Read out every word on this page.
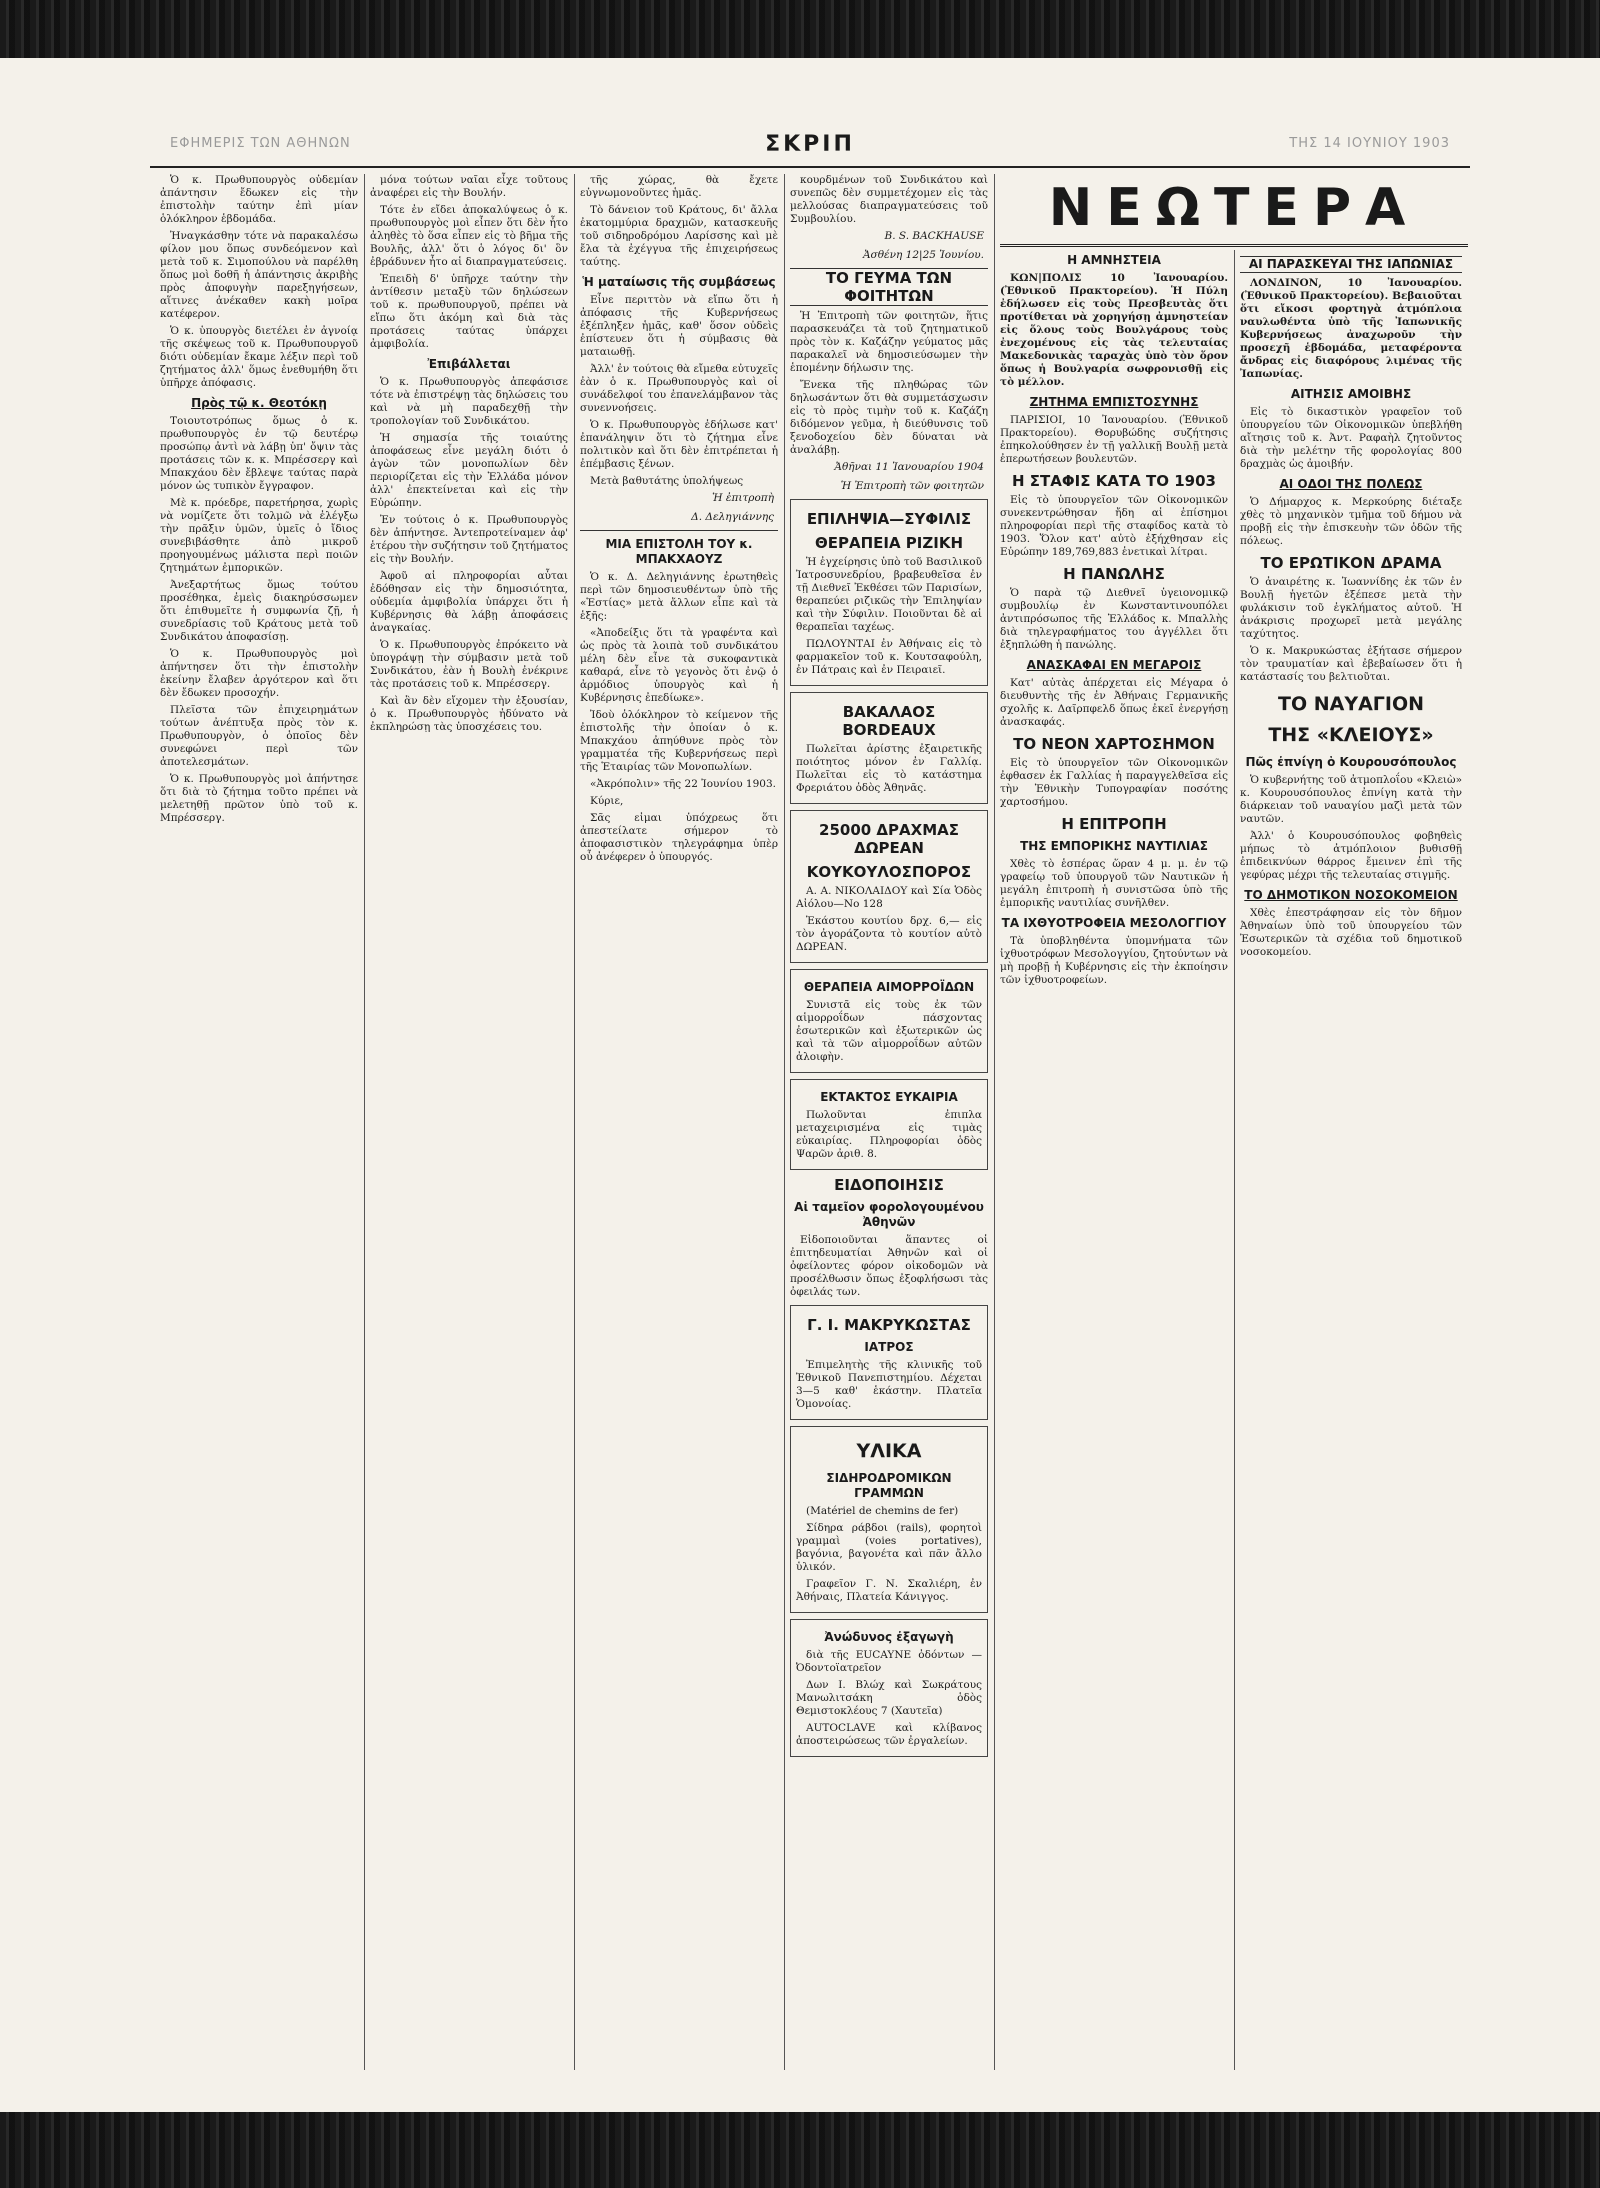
ΕΦΗΜΕΡΙΣ ΤΩΝ ΑΘΗΝΩΝ	ΣΚΡΙΠ	ΤΗΣ 14 ΙΟΥΝΙΟΥ 1903

Ὁ κ. Πρωθυπουργὸς οὐδεμίαν ἀπάντησιν ἔδωκεν εἰς τὴν ἐπιστολὴν ταύτην ἐπὶ μίαν ὁλόκληρον ἑβδομάδα.

Ἠναγκάσθην τότε νὰ παρακαλέσω φίλον μου ὅπως συνδεόμενον καὶ μετὰ τοῦ κ. Σιμοπούλου νὰ παρέλθη ὅπως μοὶ δοθῆ ἡ ἀπάντησις ἀκριβὴς πρὸς ἀποφυγὴν παρεξηγήσεων, αἵτινες ἀνέκαθεν κακὴ μοῖρα κατέφερον.

Ὁ κ. ὑπουργὸς διετέλει ἐν ἀγνοίᾳ τῆς σκέψεως τοῦ κ. Πρωθυπουργοῦ διότι οὐδεμίαν ἔκαμε λέξιν περὶ τοῦ ζητήματος ἀλλ' ὅμως ἐνεθυμήθη ὅτι ὑπῆρχε ἀπόφασις.

Πρὸς τῷ κ. Θεοτόκῃ

Τοιουτοτρόπως ὅμως ὁ κ. πρωθυπουργὸς ἐν τῷ δευτέρῳ προσώπῳ ἀντὶ νὰ λάβῃ ὑπ' ὄψιν τὰς προτάσεις τῶν κ. κ. Μπρέσσεργ καὶ Μπακχάου δὲν ἔβλεψε ταύτας παρὰ μόνον ὡς τυπικὸν ἔγγραφον.

Μὲ κ. πρόεδρε, παρετήρησα, χωρὶς νὰ νομίζετε ὅτι τολμῶ νὰ ἐλέγξω τὴν πρᾶξιν ὑμῶν, ὑμεῖς ὁ ἴδιος συνεβιβάσθητε ἀπὸ μικροῦ προηγουμένως μάλιστα περὶ ποιῶν ζητημάτων ἐμπορικῶν.

Ἀνεξαρτήτως ὅμως τούτου προσέθηκα, ἐμεὶς διακηρύσσωμεν ὅτι ἐπιθυμεῖτε ἡ συμφωνία ζῇ, ἡ συνεδρίασις τοῦ Κράτους μετὰ τοῦ Συνδικάτου ἀποφασίσῃ.

Ὁ κ. Πρωθυπουργὸς μοὶ ἀπήντησεν ὅτι τὴν ἐπιστολὴν ἐκείνην ἔλαβεν ἀργότερον καὶ ὅτι δὲν ἔδωκεν προσοχήν.

Πλεῖστα τῶν ἐπιχειρημάτων τούτων ἀνέπτυξα πρὸς τὸν κ. Πρωθυπουργὸν, ὁ ὁποῖος δὲν συνεφώνει περὶ τῶν ἀποτελεσμάτων.

Ὁ κ. Πρωθυπουργὸς μοὶ ἀπήντησε ὅτι διὰ τὸ ζήτημα τοῦτο πρέπει νὰ μελετηθῇ πρῶτον ὑπὸ τοῦ κ. Μπρέσσεργ.

μόνα τούτων ναῖαι εἶχε τοῦτους ἀναφέρει εἰς τὴν Βουλήν.

Τότε ἐν εἴδει ἀποκαλύψεως ὁ κ. πρωθυπουργὸς μοὶ εἶπεν ὅτι δὲν ἦτο ἀληθὲς τὸ ὅσα εἶπεν εἰς τὸ βῆμα τῆς Βουλῆς, ἀλλ' ὅτι ὁ λόγος δι' ὃν ἐβράδυνεν ἦτο αἱ διαπραγματεύσεις.

Ἐπειδὴ δ' ὑπῆρχε ταύτην τὴν ἀντίθεσιν μεταξὺ τῶν δηλώσεων τοῦ κ. πρωθυπουργοῦ, πρέπει νὰ εἴπω ὅτι ἀκόμη καὶ διὰ τὰς προτάσεις ταύτας ὑπάρχει ἀμφιβολία.

Ἐπιβάλλεται

Ὁ κ. Πρωθυπουργὸς ἀπεφάσισε τότε νὰ ἐπιστρέψῃ τὰς δηλώσεις του καὶ νὰ μὴ παραδεχθῇ τὴν τροπολογίαν τοῦ Συνδικάτου.

Ἡ σημασία τῆς τοιαύτης ἀποφάσεως εἶνε μεγάλη διότι ὁ ἀγὼν τῶν μονοπωλίων δὲν περιορίζεται εἰς τὴν Ἑλλάδα μόνον ἀλλ' ἐπεκτείνεται καὶ εἰς τὴν Εὐρώπην.

Ἐν τούτοις ὁ κ. Πρωθυπουργὸς δὲν ἀπήντησε. Ἀντεπροτείναμεν ἀφ' ἑτέρου τὴν συζήτησιν τοῦ ζητήματος εἰς τὴν Βουλήν.

Ἀφοῦ αἱ πληροφορίαι αὗται ἐδόθησαν εἰς τὴν δημοσιότητα, οὐδεμία ἀμφιβολία ὑπάρχει ὅτι ἡ Κυβέρνησις θὰ λάβῃ ἀποφάσεις ἀναγκαίας.

Ὁ κ. Πρωθυπουργὸς ἐπρόκειτο νὰ ὑπογράψῃ τὴν σύμβασιν μετὰ τοῦ Συνδικάτου, ἐὰν ἡ Βουλὴ ἐνέκρινε τὰς προτάσεις τοῦ κ. Μπρέσσεργ.

Καὶ ἂν δὲν εἴχομεν τὴν ἐξουσίαν, ὁ κ. Πρωθυπουργὸς ἠδύνατο νὰ ἐκπληρώσῃ τὰς ὑποσχέσεις του.

τῆς χώρας, θὰ ἔχετε εὐγνωμονοῦντες ἡμᾶς.

Τὸ δάνειον τοῦ Κράτους, δι' ἄλλα ἐκατομμύρια δραχμῶν, κατασκευῆς τοῦ σιδηροδρόμου Λαρίσσης καὶ μὲ ἔλα τὰ ἐχέγγυα τῆς ἐπιχειρήσεως ταύτης.

Ἡ ματαίωσις τῆς συμβάσεως

Εἶνε περιττὸν νὰ εἴπω ὅτι ἡ ἀπόφασις τῆς Κυβερνήσεως ἐξέπληξεν ἡμᾶς, καθ' ὅσον οὐδεὶς ἐπίστευεν ὅτι ἡ σύμβασις θὰ ματαιωθῇ.

Ἀλλ' ἐν τούτοις θὰ εἴμεθα εὐτυχεῖς ἐὰν ὁ κ. Πρωθυπουργὸς καὶ οἱ συνάδελφοί του ἐπανελάμβανον τὰς συνεννοήσεις.

Ὁ κ. Πρωθυπουργὸς ἐδήλωσε κατ' ἐπανάληψιν ὅτι τὸ ζήτημα εἶνε πολιτικὸν καὶ ὅτι δὲν ἐπιτρέπεται ἡ ἐπέμβασις ξένων.

Μετὰ βαθυτάτης ὑπολήψεως

Ἡ ἐπιτροπὴ
Δ. Δεληγιάννης
ΜΙΑ ΕΠΙΣΤΟΛΗ ΤΟΥ κ. ΜΠΑΚΧΑΟΥΖ

Ὁ κ. Δ. Δεληγιάννης ἐρωτηθεὶς περὶ τῶν δημοσιευθέντων ὑπὸ τῆς «Ἑστίας» μετὰ ἄλλων εἶπε καὶ τὰ ἑξῆς:

«Ἀποδείξις ὅτι τὰ γραφέντα καὶ ὡς πρὸς τὰ λοιπὰ τοῦ συνδικάτου μέλη δὲν εἶνε τὰ συκοφαντικὰ καθαρά, εἶνε τὸ γεγονὸς ὅτι ἐνῷ ὁ ἀρμόδιος ὑπουργὸς καὶ ἡ Κυβέρνησις ἐπεδίωκε».

Ἰδοὺ ὁλόκληρον τὸ κείμενον τῆς ἐπιστολῆς τὴν ὁποίαν ὁ κ. Μπακχάου ἀπηύθυνε πρὸς τὸν γραμματέα τῆς Κυβερνήσεως περὶ τῆς Ἑταιρίας τῶν Μονοπωλίων.

«Ἀκρόπολιν» τῆς 22 Ἰουνίου 1903.

Κύριε,

Σᾶς εἰμαι ὑπόχρεως ὅτι ἀπεστείλατε σήμερον τὸ ἀποφασιστικὸν τηλεγράφημα ὑπὲρ οὗ ἀνέφερεν ὁ ὑπουργός.

κουρδμένων τοῦ Συνδικάτου καὶ συνεπῶς δὲν συμμετέχομεν εἰς τὰς μελλούσας διαπραγματεύσεις τοῦ Συμβουλίου.

B. S. BACKHAUSE
Ἀσθένη 12|25 Ἰουνίου.
ΤΟ ΓΕΥΜΑ ΤΩΝ ΦΟΙΤΗΤΩΝ

Ἡ Ἐπιτροπὴ τῶν φοιτητῶν, ἥτις παρασκευάζει τὰ τοῦ ζητηματικοῦ πρὸς τὸν κ. Καζάζην γεύματος μᾶς παρακαλεῖ νὰ δημοσιεύσωμεν τὴν ἑπομένην δήλωσιν της.

Ἔνεκα τῆς πληθώρας τῶν δηλωσάντων ὅτι θὰ συμμετάσχωσιν εἰς τὸ πρὸς τιμὴν τοῦ κ. Καζάζη διδόμενον γεῦμα, ἡ διεύθυνσις τοῦ ξενοδοχείου δὲν δύναται νὰ ἀναλάβῃ.

Ἀθῆναι 11 Ἰανουαρίου 1904
Ἡ Ἐπιτροπὴ τῶν φοιτητῶν
ΕΠΙΛΗΨΙΑ—ΣΥΦΙΛΙΣ
ΘΕΡΑΠΕΙΑ ΡΙΖΙΚΗ

Ἡ ἐγχείρησις ὑπὸ τοῦ Βασιλικοῦ Ἰατροσυνεδρίου, βραβευθεῖσα ἐν τῇ Διεθνεῖ Ἐκθέσει τῶν Παρισίων, θεραπεύει ριζικῶς τὴν Ἐπιληψίαν καὶ τὴν Σύφιλιν. Ποιοῦνται δὲ αἱ θεραπεῖαι ταχέως.

ΠΩΛΟΥΝΤΑΙ ἐν Ἀθήναις εἰς τὸ φαρμακεῖον τοῦ κ. Κουτσαφούλη, ἐν Πάτραις καὶ ἐν Πειραιεῖ.

ΒΑΚΑΛΑΟΣ BORDEAUX

Πωλεῖται ἀρίστης ἐξαιρετικῆς ποιότητος μόνον ἐν Γαλλίᾳ. Πωλεῖται εἰς τὸ κατάστημα Φρεριάτου ὁδὸς Ἀθηνᾶς.

25000 ΔΡΑΧΜΑΣ ΔΩΡΕΑΝ
ΚΟΥΚΟΥΛΟΣΠΟΡΟΣ

Α. Α. ΝΙΚΟΛΑΙΔΟΥ καὶ Σία Ὁδὸς Αἰόλου—Νο 128

Ἑκάστου κουτίου δρχ. 6,— εἰς τὸν ἀγοράζοντα τὸ κουτίον αὐτὸ ΔΩΡΕΑΝ.

ΘΕΡΑΠΕΙΑ ΑΙΜΟΡΡΟΪΔΩΝ

Συνιστᾶ εἰς τοὺς ἐκ τῶν αἱμορροΐδων πάσχοντας ἐσωτερικῶν καὶ ἐξωτερικῶν ὡς καὶ τὰ τῶν αἱμορροΐδων αὐτῶν ἀλοιφὴν.

ΕΚΤΑΚΤΟΣ ΕΥΚΑΙΡΙΑ

Πωλοῦνται ἐπιπλα μεταχειρισμένα εἰς τιμὰς εὐκαιρίας. Πληροφορίαι ὁδὸς Ψαρῶν ἀριθ. 8.

ΕΙΔΟΠΟΙΗΣΙΣ
Αἱ ταμεῖον φορολογουμένου Ἀθηνῶν

Εἰδοποιοῦνται ἅπαντες οἱ ἐπιτηδευματίαι Ἀθηνῶν καὶ οἱ ὀφείλοντες φόρον οἰκοδομῶν νὰ προσέλθωσιν ὅπως ἐξοφλήσωσι τὰς ὀφειλάς των.

Γ. Ι. ΜΑΚΡΥΚΩΣΤΑΣ
ΙΑΤΡΟΣ

Ἐπιμελητὴς τῆς κλινικῆς τοῦ Ἐθνικοῦ Πανεπιστημίου. Δέχεται 3—5 καθ' ἑκάστην. Πλατεῖα Ὁμονοίας.

ΥΛΙΚΑ
ΣΙΔΗΡΟΔΡΟΜΙΚΩΝ ΓΡΑΜΜΩΝ

(Matériel de chemins de fer)

Σίδηρα ράβδοι (rails), φορητοὶ γραμμαὶ (voies portatives), βαγόνια, βαγονέτα καὶ πᾶν ἄλλο ὑλικόν.

Γραφεῖον Γ. Ν. Σκαλιέρη, ἐν Ἀθήναις, Πλατεία Κάνιγγος.

Ἀνώδυνος ἐξαγωγὴ

διὰ τῆς EUCAYNE ὀδόντων — Ὀδοντοϊατρεῖον

Δων Ι. Βλώχ καὶ Σωκράτους Μανωλιτσάκη ὁδὸς Θεμιστοκλέους 7 (Χαυτεῖα)

AUTOCLAVE καὶ κλίβανος ἀποστειρώσεως τῶν ἐργαλείων.

ΝΕΩΤΕΡΑ
Η ΑΜΝΗΣΤΕΙΑ

ΚΩΝ|ΠΟΛΙΣ 10 Ἰανουαρίου. (Ἐθνικοῦ Πρακτορείου). Ἡ Πύλη ἐδήλωσεν εἰς τοὺς Πρεσβευτὰς ὅτι προτίθεται νὰ χορηγήσῃ ἀμνηστείαν εἰς ὅλους τοὺς Βουλγάρους τοὺς ἐνεχομένους εἰς τὰς τελευταίας Μακεδονικὰς ταραχὰς ὑπὸ τὸν ὅρον ὅπως ἡ Βουλγαρία σωφρονισθῇ εἰς τὸ μέλλον.

ΖΗΤΗΜΑ ΕΜΠΙΣΤΟΣΥΝΗΣ

ΠΑΡΙΣΙΟΙ, 10 Ἰανουαρίου. (Ἐθνικοῦ Πρακτορείου). Θορυβώδης συζήτησις ἐπηκολούθησεν ἐν τῇ γαλλικῇ Βουλῇ μετὰ ἐπερωτήσεων βουλευτῶν.

Η ΣΤΑΦΙΣ ΚΑΤΑ ΤΟ 1903

Εἰς τὸ ὑπουργεῖον τῶν Οἰκονομικῶν συνεκεντρώθησαν ἤδη αἱ ἐπίσημοι πληροφορίαι περὶ τῆς σταφίδος κατὰ τὸ 1903. Ὅλον κατ' αὐτὸ ἐξήχθησαν εἰς Εὐρώπην 189,769,883 ἑνετικαὶ λίτραι.

Η ΠΑΝΩΛΗΣ

Ὁ παρὰ τῷ Διεθνεῖ ὑγειονομικῷ συμβουλίῳ ἐν Κωνσταντινουπόλει ἀντιπρόσωπος τῆς Ἑλλάδος κ. Μπαλλὴς διὰ τηλεγραφήματος του ἀγγέλλει ὅτι ἐξηπλώθη ἡ πανώλης.

ΑΝΑΣΚΑΦΑΙ ΕΝ ΜΕΓΑΡΟΙΣ

Κατ' αὐτὰς ἀπέρχεται εἰς Μέγαρα ὁ διευθυντὴς τῆς ἐν Ἀθήναις Γερμανικῆς σχολῆς κ. Δαῖρπφελδ ὅπως ἐκεῖ ἐνεργήσῃ ἀνασκαφάς.

ΤΟ ΝΕΟΝ ΧΑΡΤΟΣΗΜΟΝ

Εἰς τὸ ὑπουργεῖον τῶν Οἰκονομικῶν ἐφθασεν ἐκ Γαλλίας ἡ παραγγελθεῖσα εἰς τὴν Ἐθνικὴν Τυπογραφίαν ποσότης χαρτοσήμου.

Η ΕΠΙΤΡΟΠΗ
ΤΗΣ ΕΜΠΟΡΙΚΗΣ ΝΑΥΤΙΛΙΑΣ

Χθὲς τὸ ἑσπέρας ὥραν 4 μ. μ. ἐν τῷ γραφείῳ τοῦ ὑπουργοῦ τῶν Ναυτικῶν ἡ μεγάλη ἐπιτροπὴ ἡ συνιστῶσα ὑπὸ τῆς ἐμπορικῆς ναυτιλίας συνῆλθεν.

ΤΑ ΙΧΘΥΟΤΡΟΦΕΙΑ ΜΕΣΟΛΟΓΓΙΟΥ

Τὰ ὑποβληθέντα ὑπομνήματα τῶν ἰχθυοτρόφων Μεσολογγίου, ζητούντων νὰ μὴ προβῇ ἡ Κυβέρνησις εἰς τὴν ἐκποίησιν τῶν ἰχθυοτροφείων.

ΑΙ ΠΑΡΑΣΚΕΥΑΙ ΤΗΣ ΙΑΠΩΝΙΑΣ

ΛΟΝΔΙΝΟΝ, 10 Ἰανουαρίου. (Ἐθνικοῦ Πρακτορείου). Βεβαιοῦται ὅτι εἴκοσι φορτηγὰ ἀτμόπλοια ναυλωθέντα ὑπὸ τῆς Ἰαπωνικῆς Κυβερνήσεως ἀναχωροῦν τὴν προσεχῆ ἑβδομάδα, μεταφέροντα ἄνδρας εἰς διαφόρους λιμένας τῆς Ἰαπωνίας.

ΑΙΤΗΣΙΣ ΑΜΟΙΒΗΣ

Εἰς τὸ δικαστικὸν γραφεῖον τοῦ ὑπουργείου τῶν Οἰκονομικῶν ὑπεβλήθη αἴτησις τοῦ κ. Ἀντ. Ραφαὴλ ζητοῦντος διὰ τὴν μελέτην τῆς φορολογίας 800 δραχμὰς ὡς ἀμοιβήν.

ΑΙ ΟΔΟΙ ΤΗΣ ΠΟΛΕΩΣ

Ὁ Δήμαρχος κ. Μερκούρης διέταξε χθὲς τὸ μηχανικὸν τμῆμα τοῦ δήμου νὰ προβῇ εἰς τὴν ἐπισκευὴν τῶν ὁδῶν τῆς πόλεως.

ΤΟ ΕΡΩΤΙΚΟΝ ΔΡΑΜΑ

Ὁ ἀναιρέτης κ. Ἰωαννίδης ἐκ τῶν ἐν Βουλῇ ἡγετῶν ἐξέπεσε μετὰ τὴν φυλάκισιν τοῦ ἐγκλήματος αὐτοῦ. Ἡ ἀνάκρισις προχωρεῖ μετὰ μεγάλης ταχύτητος.

Ὁ κ. Μακρυκώστας ἐξήτασε σήμερον τὸν τραυματίαν καὶ ἐβεβαίωσεν ὅτι ἡ κατάστασίς του βελτιοῦται.

ΤΟ ΝΑΥΑΓΙΟΝ
ΤΗΣ «ΚΛΕΙΟΥΣ»
Πῶς ἐπνίγη ὁ Κουρουσόπουλος

Ὁ κυβερνήτης τοῦ ἀτμοπλοΐου «Κλειὼ» κ. Κουρουσόπουλος ἐπνίγη κατὰ τὴν διάρκειαν τοῦ ναυαγίου μαζὶ μετὰ τῶν ναυτῶν.

Ἀλλ' ὁ Κουρουσόπουλος φοβηθεὶς μήπως τὸ ἀτμόπλοιον βυθισθῇ ἐπιδεικνύων θάρρος ἔμεινεν ἐπὶ τῆς γεφύρας μέχρι τῆς τελευταίας στιγμῆς.

ΤΟ ΔΗΜΟΤΙΚΟΝ ΝΟΣΟΚΟΜΕΙΟΝ

Χθὲς ἐπεστράφησαν εἰς τὸν δῆμον Ἀθηναίων ὑπὸ τοῦ ὑπουργείου τῶν Ἐσωτερικῶν τὰ σχέδια τοῦ δημοτικοῦ νοσοκομείου.
